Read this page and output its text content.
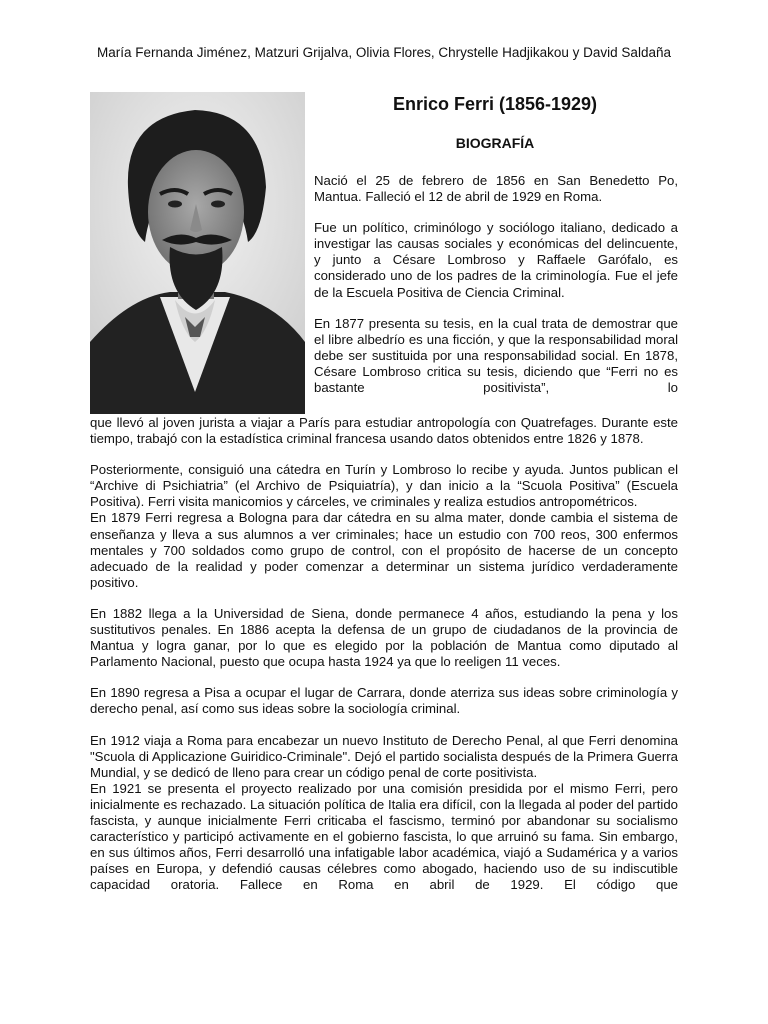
María Fernanda Jiménez, Matzuri Grijalva, Olivia Flores, Chrystelle Hadjikakou y David Saldaña
Enrico Ferri (1856-1929)
BIOGRAFÍA

Nació el 25 de febrero de 1856 en San Benedetto Po, Mantua. Falleció el 12 de abril de 1929 en Roma.

Fue un político, criminólogo y sociólogo italiano, dedicado a investigar las causas sociales y económicas del delincuente, y junto a Césare Lombroso y Raffaele Garófalo, es considerado uno de los padres de la criminología. Fue el jefe de la Escuela Positiva de Ciencia Criminal.

En 1877 presenta su tesis, en la cual trata de demostrar que el libre albedrío es una ficción, y que la responsabilidad moral debe ser sustituida por una responsabilidad social. En 1878, Césare Lombroso critica su tesis, diciendo que “Ferri no es bastante positivista”, lo

que llevó al joven jurista a viajar a París para estudiar antropología con Quatrefages. Durante este tiempo, trabajó con la estadística criminal francesa usando datos obtenidos entre 1826 y 1878.

Posteriormente, consiguió una cátedra en Turín y Lombroso lo recibe y ayuda. Juntos publican el “Archive di Psichiatria” (el Archivo de Psiquiatría), y dan inicio a la “Scuola Positiva” (Escuela Positiva). Ferri visita manicomios y cárceles, ve criminales y realiza estudios antropométricos.

En 1879 Ferri regresa a Bologna para dar cátedra en su alma mater, donde cambia el sistema de enseñanza y lleva a sus alumnos a ver criminales; hace un estudio con 700 reos, 300 enfermos mentales y 700 soldados como grupo de control, con el propósito de hacerse de un concepto adecuado de la realidad y poder comenzar a determinar un sistema jurídico verdaderamente positivo.

En 1882 llega a la Universidad de Siena, donde permanece 4 años, estudiando la pena y los sustitutivos penales. En 1886 acepta la defensa de un grupo de ciudadanos de la provincia de Mantua y logra ganar, por lo que es elegido por la población de Mantua como diputado al Parlamento Nacional, puesto que ocupa hasta 1924 ya que lo reeligen 11 veces.

En 1890 regresa a Pisa a ocupar el lugar de Carrara, donde aterriza sus ideas sobre criminología y derecho penal, así como sus ideas sobre la sociología criminal.

En 1912 viaja a Roma para encabezar un nuevo Instituto de Derecho Penal, al que Ferri denomina "Scuola di Applicazione Guiridico-Criminale". Dejó el partido socialista después de la Primera Guerra Mundial, y se dedicó de lleno para crear un código penal de corte positivista.

En 1921 se presenta el proyecto realizado por una comisión presidida por el mismo Ferri, pero inicialmente es rechazado. La situación política de Italia era difícil, con la llegada al poder del partido fascista, y aunque inicialmente Ferri criticaba el fascismo, terminó por abandonar su socialismo característico y participó activamente en el gobierno fascista, lo que arruinó su fama. Sin embargo, en sus últimos años, Ferri desarrolló una infatigable labor académica, viajó a Sudamérica y a varios países en Europa, y defendió causas célebres como abogado, haciendo uso de su indiscutible capacidad oratoria. Fallece en Roma en abril de 1929. El código que
